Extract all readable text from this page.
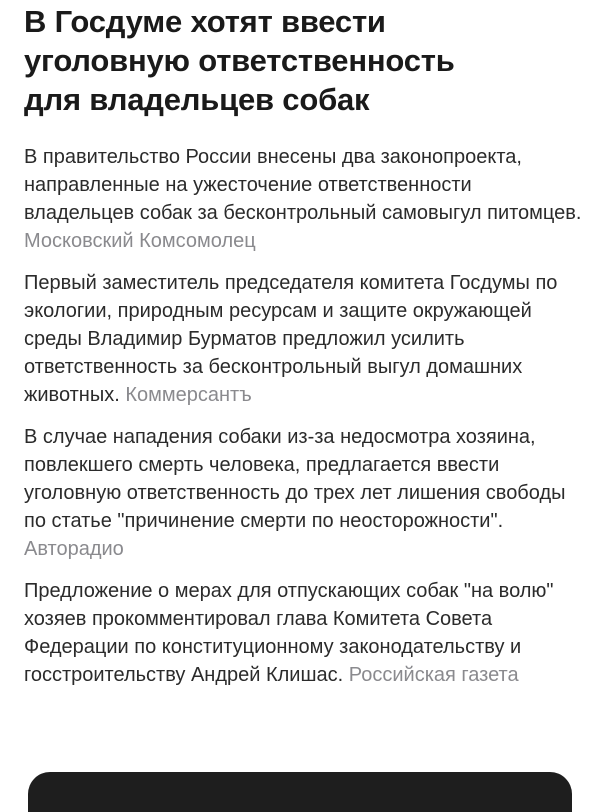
В Госдуме хотят ввести уголовную ответственность для владельцев собак

В правительство России внесены два законопроекта, направленные на ужесточение ответственности владельцев собак за бесконтрольный самовыгул питомцев. Московский Комсомолец

Первый заместитель председателя комитета Госдумы по экологии, природным ресурсам и защите окружающей среды Владимир Бурматов предложил усилить ответственность за бесконтрольный выгул домашних животных. Коммерсантъ

В случае нападения собаки из-за недосмотра хозяина, повлекшего смерть человека, предлагается ввести уголовную ответственность до трех лет лишения свободы по статье "причинение смерти по неосторожности". Авторадио

Предложение о мерах для отпускающих собак "на волю" хозяев прокомментировал глава Комитета Совета Федерации по конституционному законодательству и госстроительству Андрей Клишас. Российская газета
